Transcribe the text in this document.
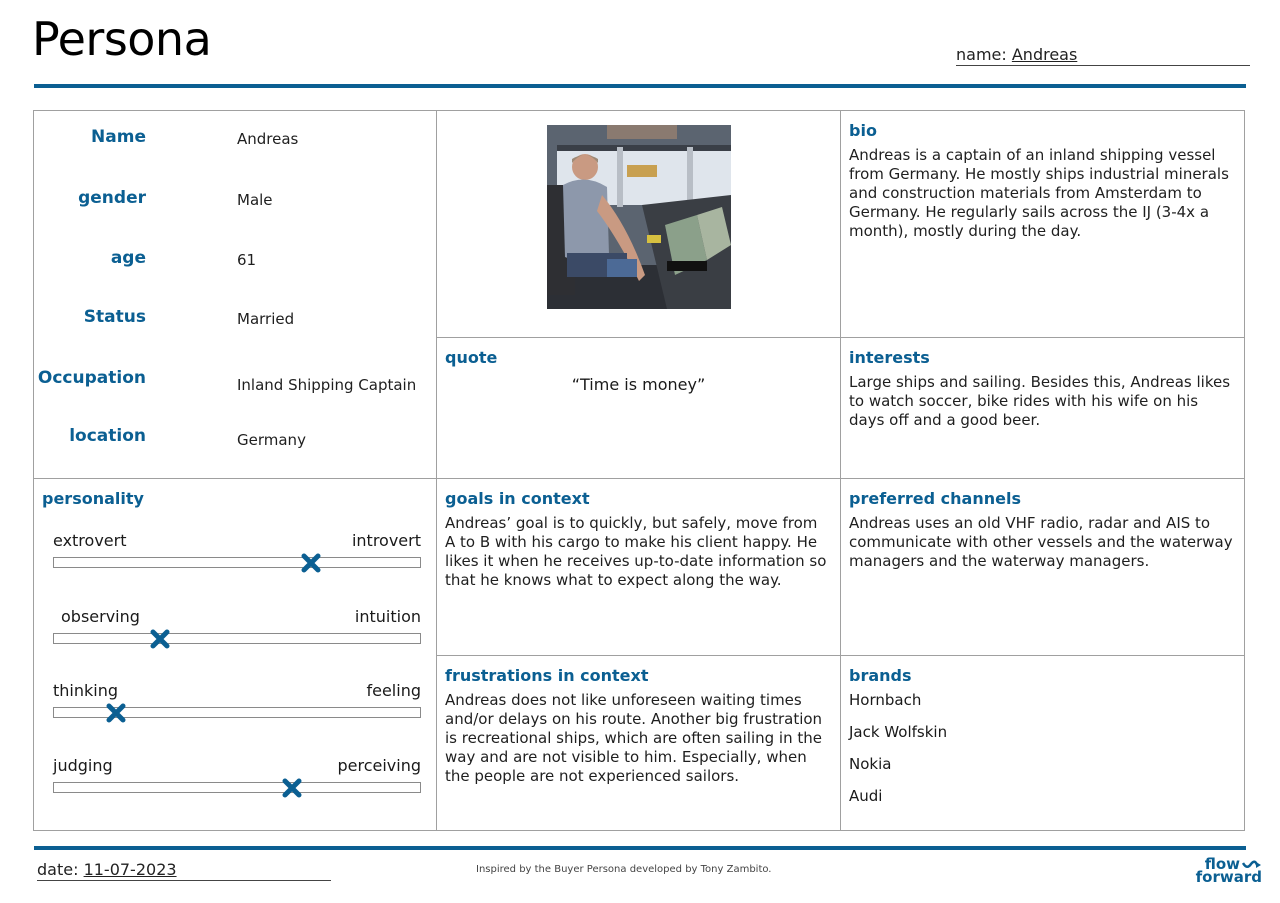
Persona	name: Andreas
Name	Andreas
gender	Male
age	61
Status	Married
Occupation	Inland Shipping Captain
location	Germany
bio
Andreas is a captain of an inland shipping vessel from Germany. He mostly ships industrial minerals and construction materials from Amsterdam to Germany. He regularly sails across the IJ (3-4x a month), mostly during the day.
quote
“Time is money”
interests
Large ships and sailing. Besides this, Andreas likes to watch soccer, bike rides with his wife on his days off and a good beer.
personality
extrovert	introvert
observing	intuition
thinking	feeling
judging	perceiving
goals in context
Andreas’ goal is to quickly, but safely, move from A to B with his cargo to make his client happy. He likes it when he receives up-to-date information so that he knows what to expect along the way.
preferred channels
Andreas uses an old VHF radio, radar and AIS to communicate with other vessels and the waterway managers and the waterway managers.
frustrations in context
Andreas does not like unforeseen waiting times and/or delays on his route. Another big frustration is recreational ships, which are often sailing in the way and are not visible to him. Especially, when the people are not experienced sailors.
brands
Hornbach
Jack Wolfskin
Nokia
Audi
date: 11-07-2023	Inspired by the Buyer Persona developed by Tony Zambito.	flow
forward
